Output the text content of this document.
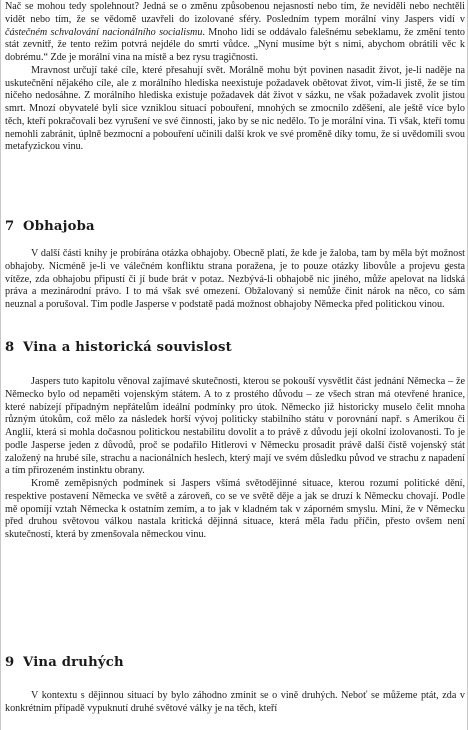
Nač se mohou tedy spolehnout? Jedná se o změnu způsobenou nejasností nebo tím, že neviděli nebo nechtěli vidět nebo tím, že se vědomě uzavřeli do izolované sféry. Posledním typem morální viny Jaspers vidí v částečném schvalování nacionálního socialismu. Mnoho lidí se oddávalo falešnému sebeklamu, že změní tento stát zevnitř, že tento režim potvrá nejdéle do smrti vůdce. „Nyní musíme být s nimi, abychom obrátili věc k dobrému.“ Zde je morální vina na místě a bez rysu tragičnosti.

Mravnost určují také cíle, které přesahují svět. Morálně mohu být povinen nasadit život, je-li naděje na uskutečnění nějakého cíle, ale z morálního hlediska neexistuje požadavek obětovat život, vím-li jistě, že se tím ničeho nedosáhne. Z morálního hlediska existuje požadavek dát život v sázku, ne však požadavek zvolit jistou smrt. Mnozí obyvatelé byli sice vzniklou situací pobouření, mnohých se zmocnilo zděšení, ale ještě více bylo těch, kteří pokračovali bez vyrušení ve své činnosti, jako by se nic nedělo. To je morální vina. Ti však, kteří tomu nemohli zabránit, úplně bezmocní a pobouření učinili další krok ve své proměně díky tomu, že si uvědomili svou metafyzickou vinu.

7 Obhajoba

V další části knihy je probírána otázka obhajoby. Obecně platí, že kde je žaloba, tam by měla být možnost obhajoby. Nicméně je-li ve válečném konfliktu strana poražena, je to pouze otázky libovůle a projevu gesta vítěze, zda obhajobu připustí či jí bude brát v potaz. Nezbývá-li obhajobě nic jiného, může apelovat na lidská práva a mezinárodní právo. I to má však své omezení. Obžalovaný si nemůže činit nárok na něco, co sám neuznal a porušoval. Tím podle Jasperse v podstatě padá možnost obhajoby Německa před politickou vinou.

8 Vina a historická souvislost

Jaspers tuto kapitolu věnoval zajímavé skutečnosti, kterou se pokouší vysvětlit část jednání Německa – že Německo bylo od nepaměti vojenským státem. A to z prostého důvodu – ze všech stran má otevřené hranice, které nabízejí případným nepřátelům ideální podmínky pro útok. Německo již historicky muselo čelit mnoha různým útokům, což mělo za následek horší vývoj politicky stabilního státu v porovnání např. s Amerikou či Anglií, která si mohla dočasnou politickou nestabilitu dovolit a to právě z důvodu její okolní izolovanosti. To je podle Jasperse jeden z důvodů, proč se podařilo Hitlerovi v Německu prosadit právě další čistě vojenský stát založený na hrubé síle, strachu a nacionálních heslech, který mají ve svém důsledku původ ve strachu z napadení a tím přirozeném instinktu obrany.

Kromě zeměpisných podmínek si Jaspers všímá světodějinné situace, kterou rozumí politické dění, respektive postavení Německa ve světě a zároveň, co se ve světě děje a jak se druzí k Německu chovají. Podle mě opomíjí vztah Německa k ostatním zemím, a to jak v kladném tak v záporném smyslu. Míní, že v Německu před druhou světovou válkou nastala kritická dějinná situace, která měla řadu příčin, přesto ovšem není skutečností, která by zmenšovala německou vinu.

9 Vina druhých

V kontextu s dějinnou situací by bylo záhodno zmínit se o vině druhých. Neboť se můžeme ptát, zda v konkrétním případě vypuknutí druhé světové války je na těch, kteří
